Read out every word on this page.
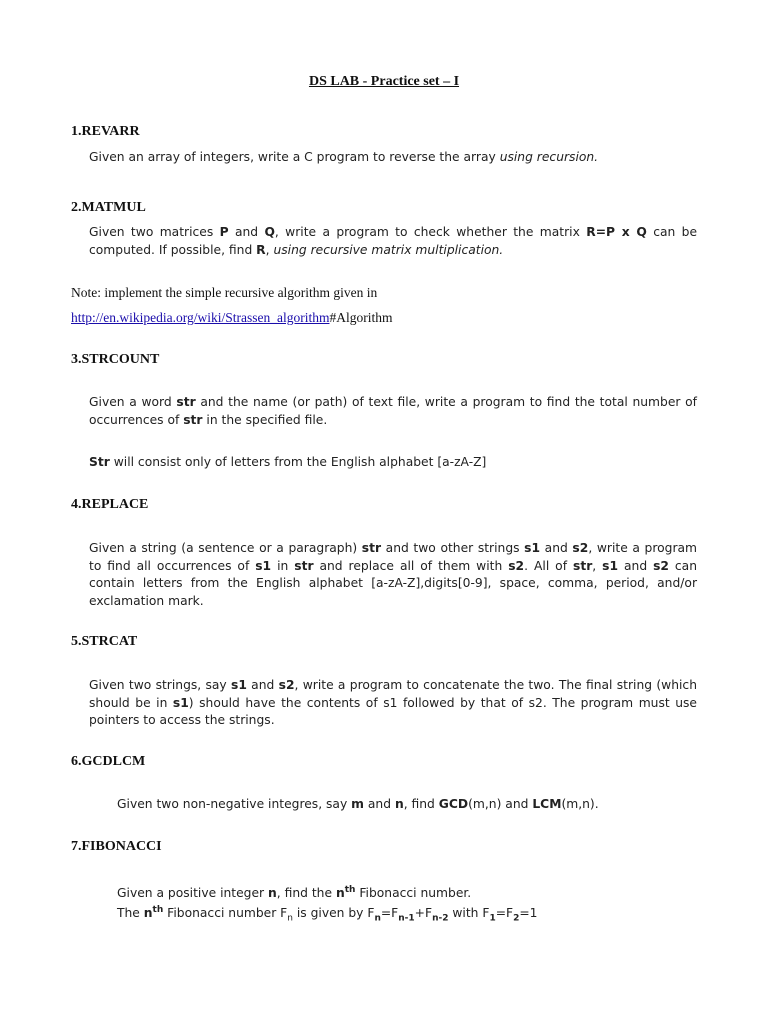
DS LAB - Practice set – I
1.REVARR
Given an array of integers, write a C program to reverse the array using recursion.
2.MATMUL
Given two matrices P and Q, write a program to check whether the matrix R=P x Q can be computed. If possible, find R, using recursive matrix multiplication.
Note: implement the simple recursive algorithm given in
http://en.wikipedia.org/wiki/Strassen_algorithm#Algorithm
3.STRCOUNT
Given a word str and the name (or path) of text file, write a program to find the total number of occurrences of str in the specified file.
Str will consist only of letters from the English alphabet [a-zA-Z]
4.REPLACE
Given a string (a sentence or a paragraph) str and two other strings s1 and s2, write a program to find all occurrences of s1 in str and replace all of them with s2. All of str, s1 and s2 can contain letters from the English alphabet [a-zA-Z],digits[0-9], space, comma, period, and/or exclamation mark.
5.STRCAT
Given two strings, say s1 and s2, write a program to concatenate the two. The final string (which should be in s1) should have the contents of s1 followed by that of s2. The program must use pointers to access the strings.
6.GCDLCM
Given two non-negative integres, say m and n, find GCD(m,n) and LCM(m,n).
7.FIBONACCI
Given a positive integer n, find the $n^{th}$ Fibonacci number.
The $n^{th}$ Fibonacci number $F_n$ is given by $F_n=F_{n-1}+F_{n-2}$ with $F_1=F_2=1$
